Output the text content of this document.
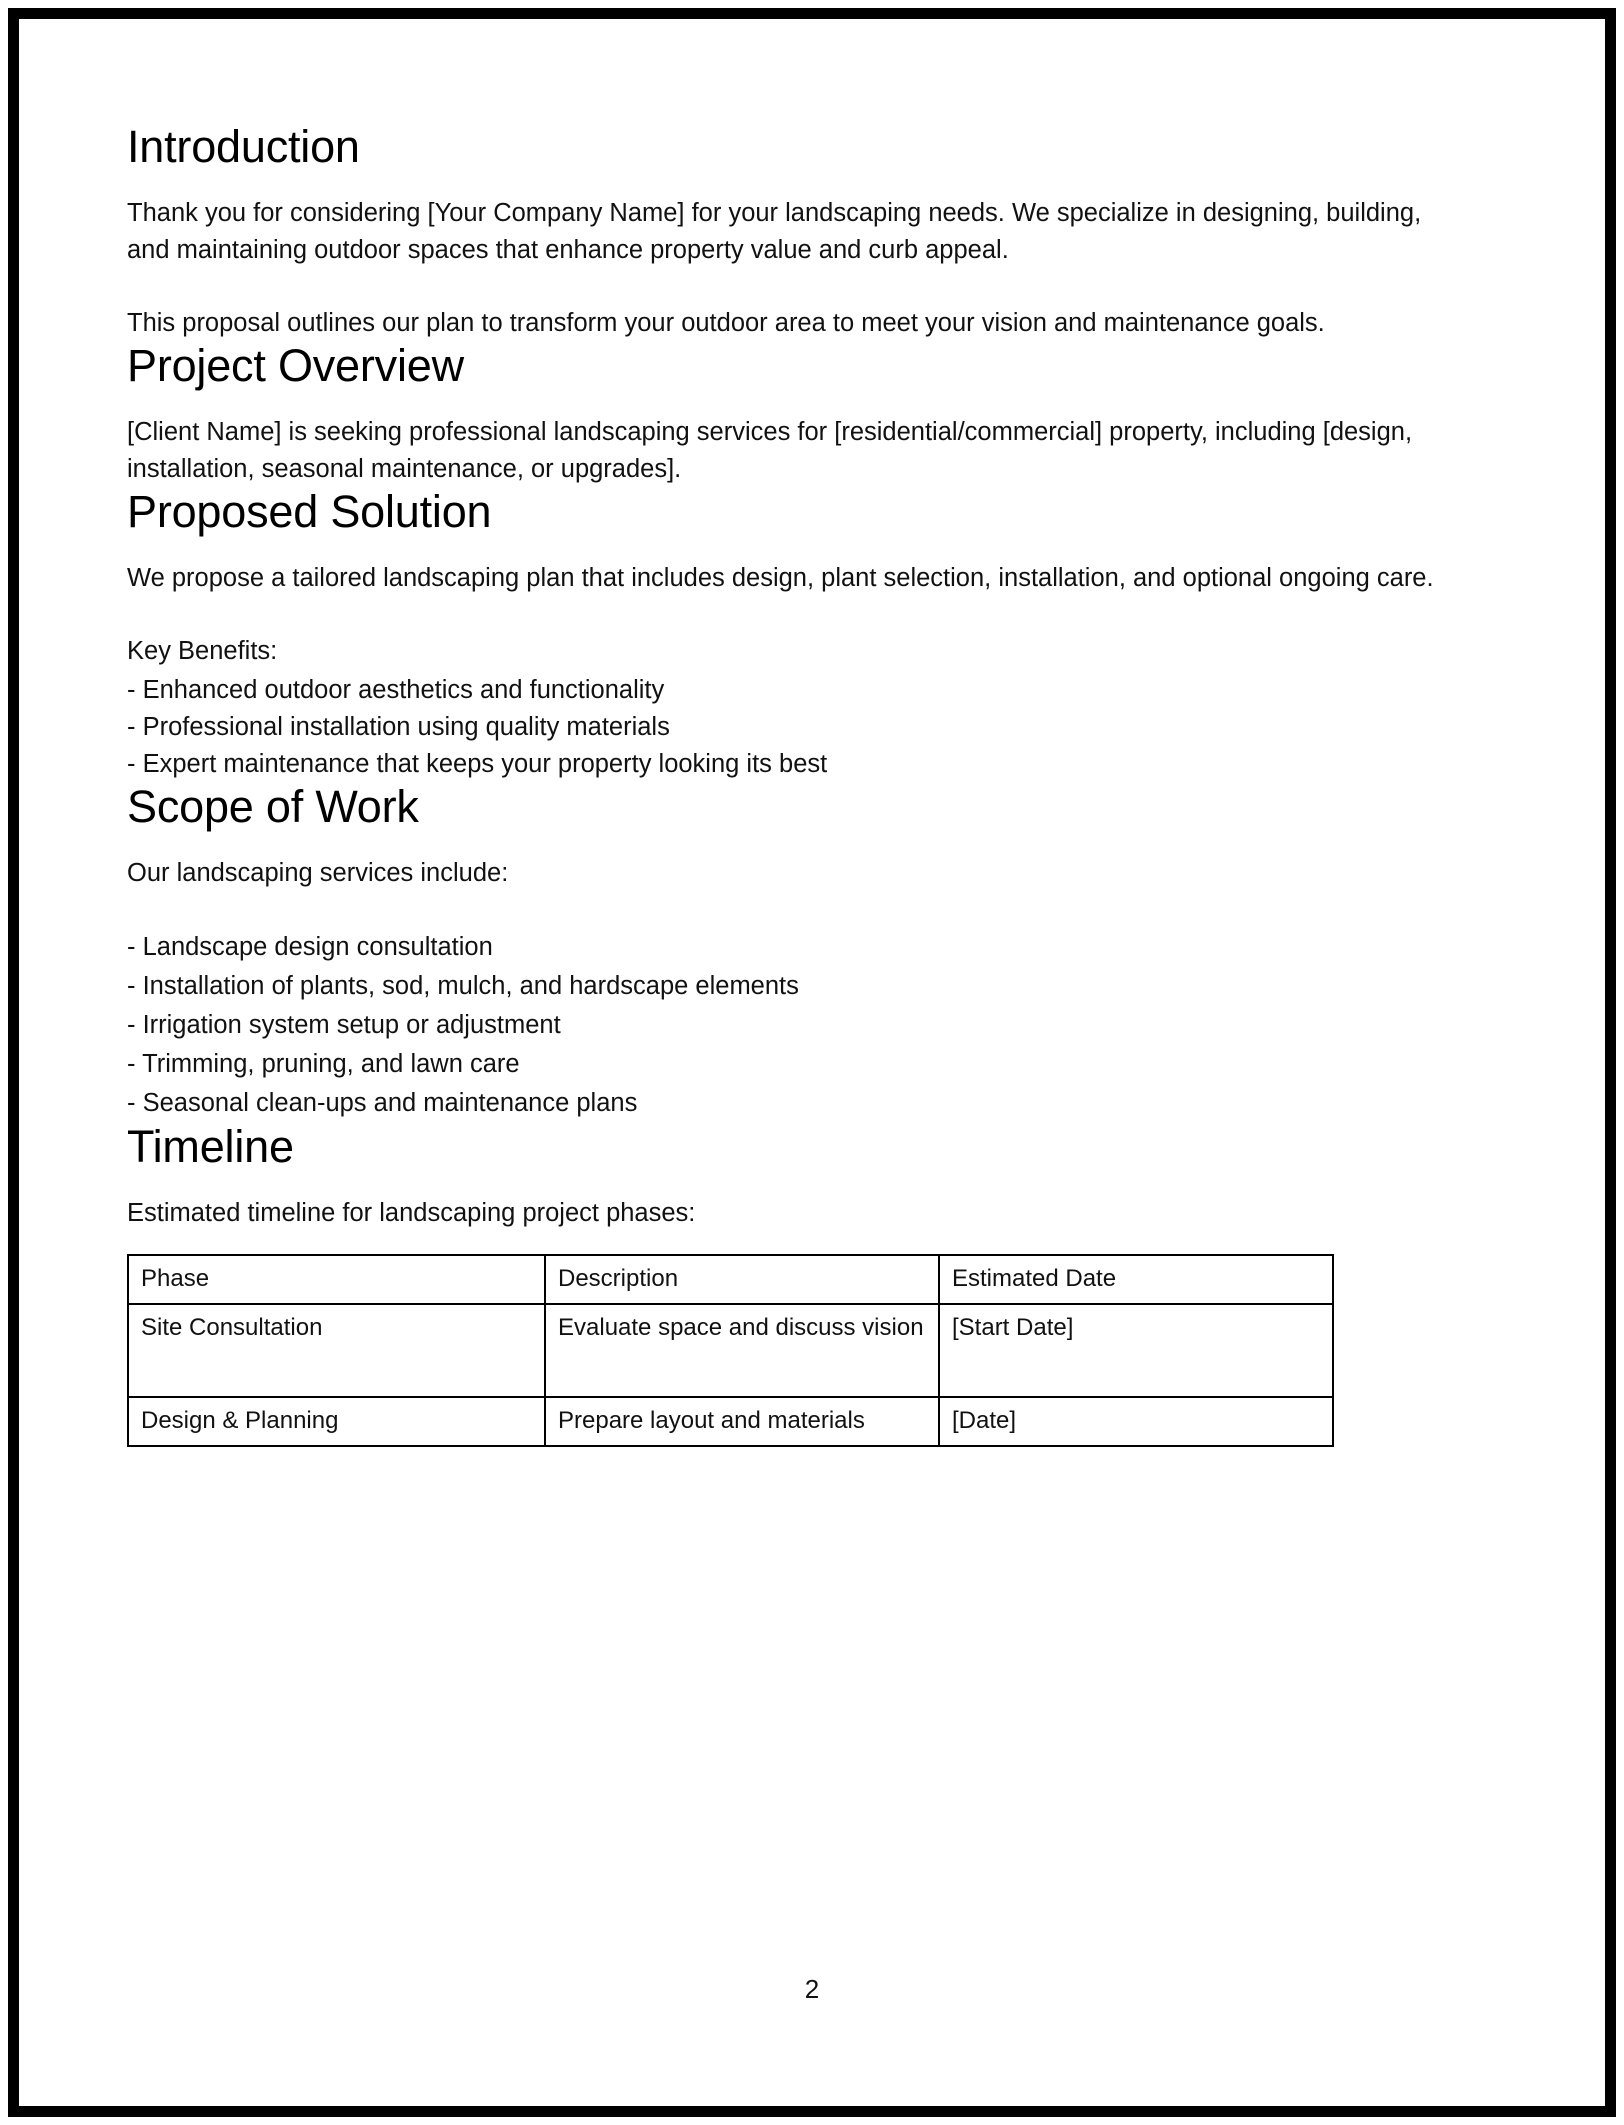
Introduction

Thank you for considering [Your Company Name] for your landscaping needs. We specialize in designing, building, and maintaining outdoor spaces that enhance property value and curb appeal.

This proposal outlines our plan to transform your outdoor area to meet your vision and maintenance goals.

Project Overview

[Client Name] is seeking professional landscaping services for [residential/commercial] property, including [design, installation, seasonal maintenance, or upgrades].

Proposed Solution

We propose a tailored landscaping plan that includes design, plant selection, installation, and optional ongoing care.

Key Benefits:

- Enhanced outdoor aesthetics and functionality
- Professional installation using quality materials
- Expert maintenance that keeps your property looking its best
Scope of Work

Our landscaping services include:

- Landscape design consultation
- Installation of plants, sod, mulch, and hardscape elements
- Irrigation system setup or adjustment
- Trimming, pruning, and lawn care
- Seasonal clean-ups and maintenance plans
Timeline

Estimated timeline for landscaping project phases:

Phase	Description	Estimated Date
Site Consultation	Evaluate space and discuss vision	[Start Date]
Design & Planning	Prepare layout and materials	[Date]
2
